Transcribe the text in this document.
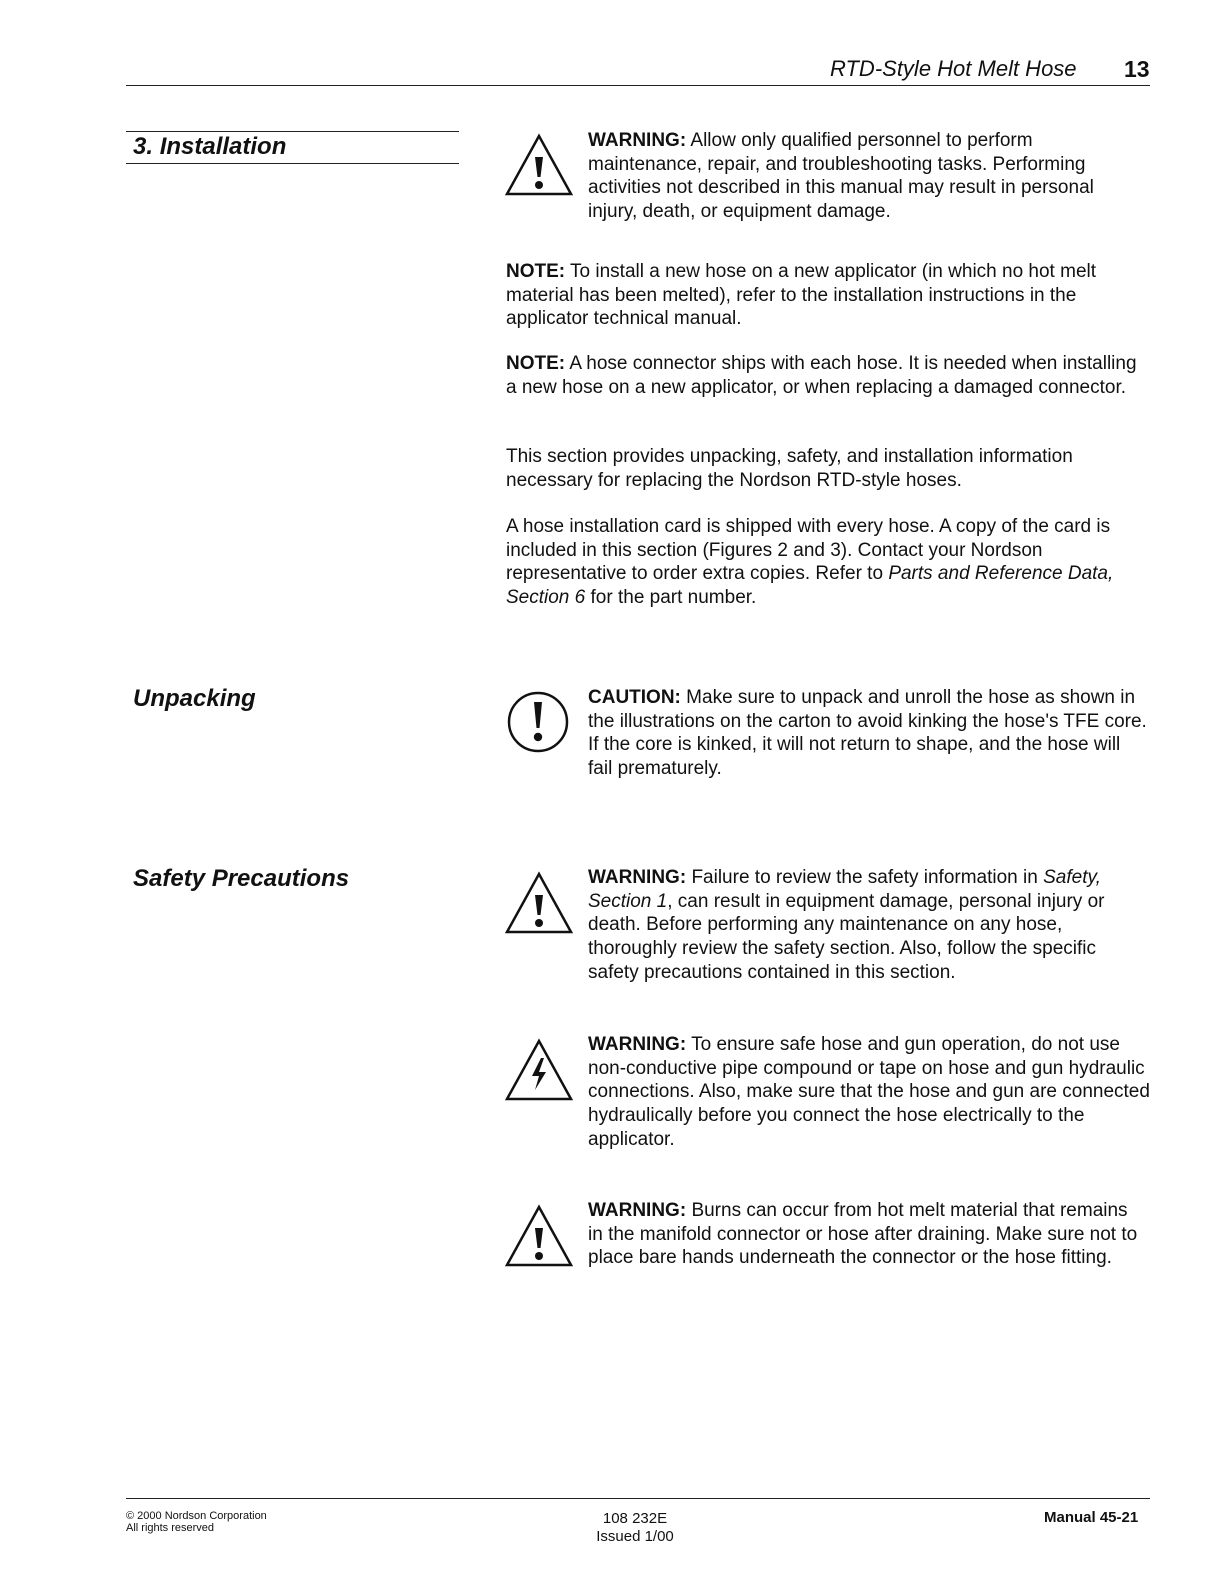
RTD-Style Hot Melt Hose 13
3. Installation	WARNING: Allow only qualified personnel to perform maintenance, repair, and troubleshooting tasks. Performing activities not described in this manual may result in personal injury, death, or equipment damage.
NOTE: To install a new hose on a new applicator (in which no hot melt material has been melted), refer to the installation instructions in the applicator technical manual.
NOTE: A hose connector ships with each hose. It is needed when installing a new hose on a new applicator, or when replacing a damaged connector.
This section provides unpacking, safety, and installation information necessary for replacing the Nordson RTD-style hoses.
A hose installation card is shipped with every hose. A copy of the card is included in this section (Figures 2 and 3). Contact your Nordson representative to order extra copies. Refer to Parts and Reference Data, Section 6 for the part number.
Unpacking	CAUTION: Make sure to unpack and unroll the hose as shown in the illustrations on the carton to avoid kinking the hose's TFE core. If the core is kinked, it will not return to shape, and the hose will fail prematurely.
Safety Precautions	WARNING: Failure to review the safety information in Safety, Section 1, can result in equipment damage, personal injury or death. Before performing any maintenance on any hose, thoroughly review the safety section. Also, follow the specific safety precautions contained in this section.
WARNING: To ensure safe hose and gun operation, do not use non-conductive pipe compound or tape on hose and gun hydraulic connections. Also, make sure that the hose and gun are connected hydraulically before you connect the hose electrically to the applicator.
WARNING: Burns can occur from hot melt material that remains in the manifold connector or hose after draining. Make sure not to place bare hands underneath the connector or the hose fitting.
© 2000 Nordson Corporation
All rights reserved
108 232E
Issued 1/00
Manual 45-21
